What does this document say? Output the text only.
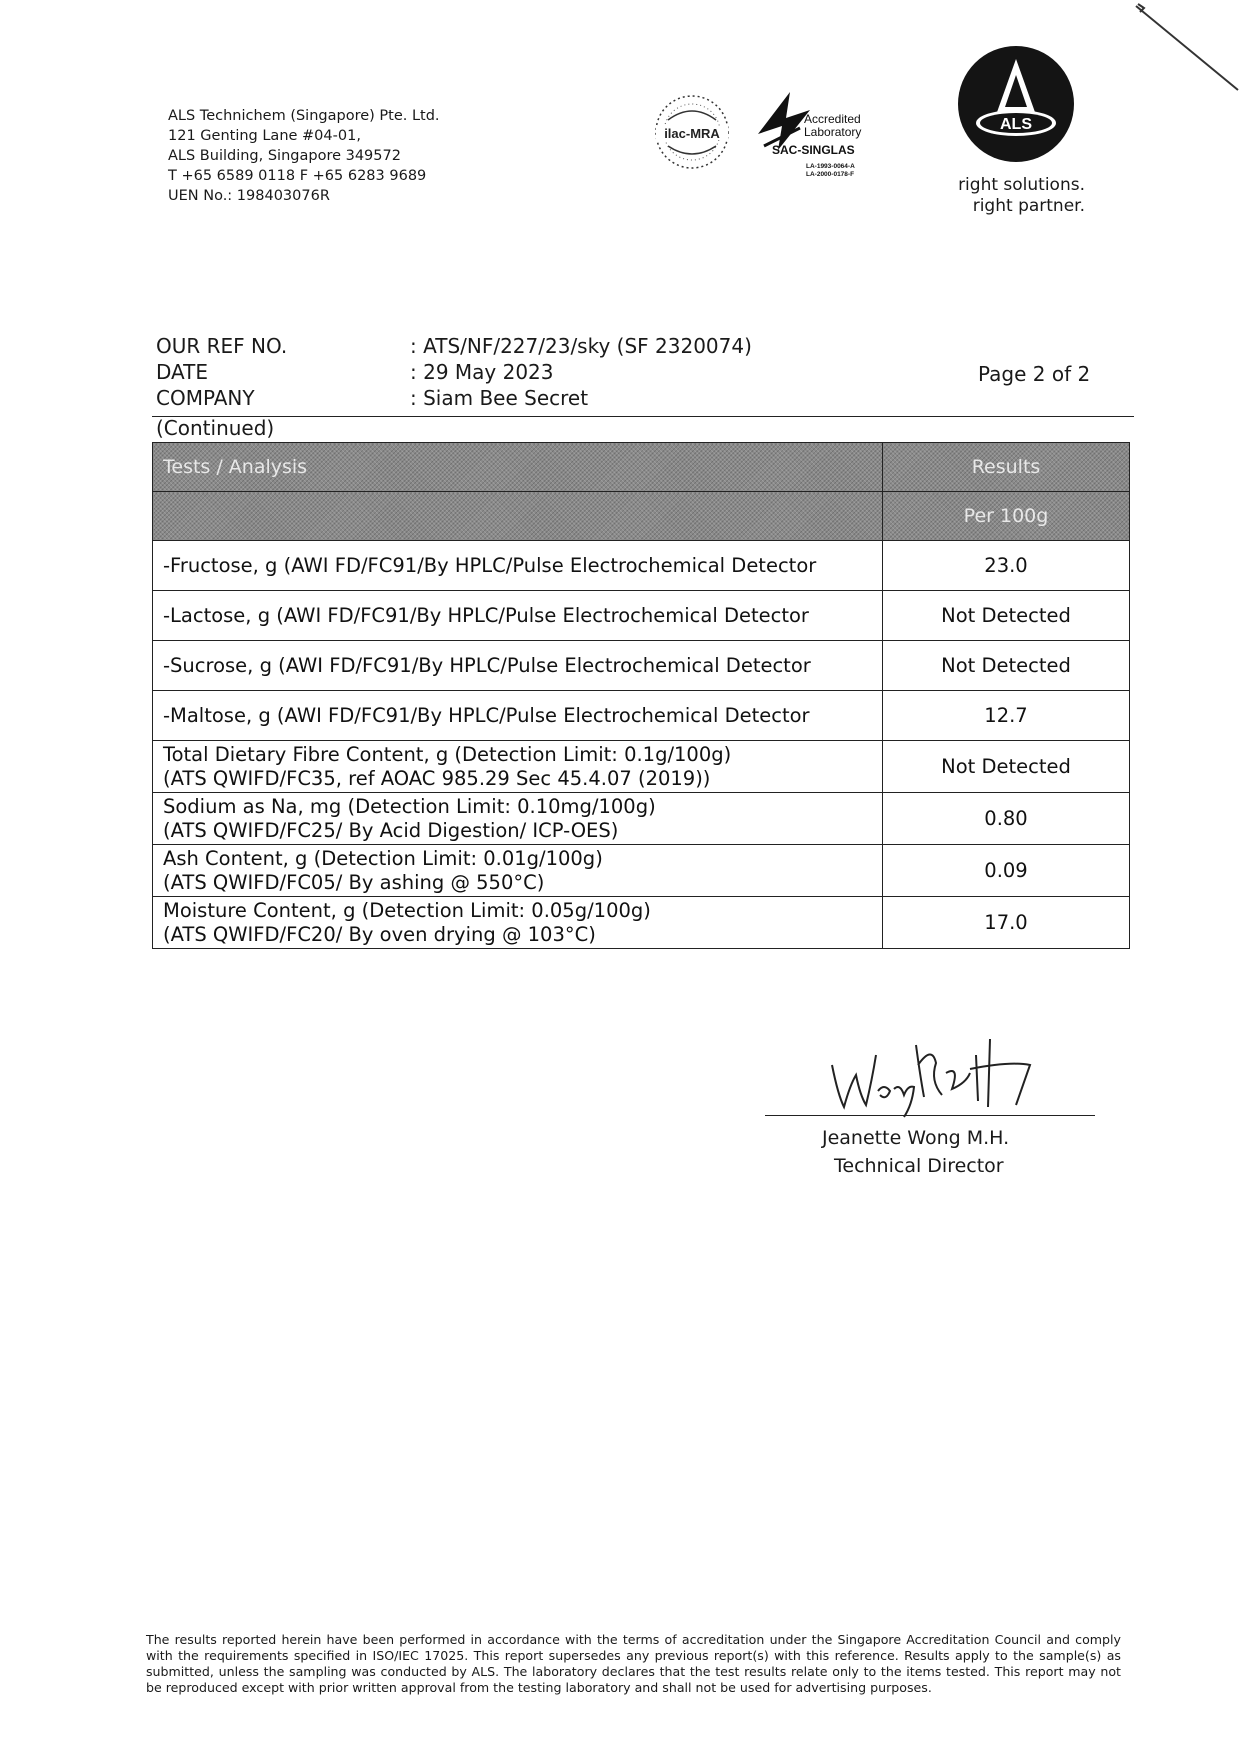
ALS Technichem (Singapore) Pte. Ltd.
121 Genting Lane #04-01,
ALS Building, Singapore 349572
T +65 6589 0118 F +65 6283 9689
UEN No.: 198403076R
ilac-MRA
Accredited
Laboratory
SAC-SINGLAS
LA-1993-0064-A
LA-2000-0178-F
ALS
right solutions.
right partner.
OUR REF NO.	: ATS/NF/227/23/sky (SF 2320074)
DATE	: 29 May 2023
COMPANY	: Siam Bee Secret
Page 2 of 2
(Continued)
Tests / Analysis	Results
	Per 100g

-Fructose, g (AWI FD/FC91/By HPLC/Pulse Electrochemical Detector	23.0

-Lactose, g (AWI FD/FC91/By HPLC/Pulse Electrochemical Detector	Not Detected

-Sucrose, g (AWI FD/FC91/By HPLC/Pulse Electrochemical Detector	Not Detected

-Maltose, g (AWI FD/FC91/By HPLC/Pulse Electrochemical Detector	12.7

Total Dietary Fibre Content, g (Detection Limit: 0.1g/100g)
(ATS QWIFD/FC35, ref AOAC 985.29 Sec 45.4.07 (2019))	Not Detected

Sodium as Na, mg (Detection Limit: 0.10mg/100g)
(ATS QWIFD/FC25/ By Acid Digestion/ ICP-OES)	0.80

Ash Content, g (Detection Limit: 0.01g/100g)
(ATS QWIFD/FC05/ By ashing @ 550°C)	0.09

Moisture Content, g (Detection Limit: 0.05g/100g)
(ATS QWIFD/FC20/ By oven drying @ 103°C)	17.0
Jeanette Wong M.H.
Technical Director
The results reported herein have been performed in accordance with the terms of accreditation under the Singapore Accreditation Council and comply with the requirements specified in ISO/IEC 17025. This report supersedes any previous report(s) with this reference. Results apply to the sample(s) as submitted, unless the sampling was conducted by ALS. The laboratory declares that the test results relate only to the items tested. This report may not be reproduced except with prior written approval from the testing laboratory and shall not be used for advertising purposes.
